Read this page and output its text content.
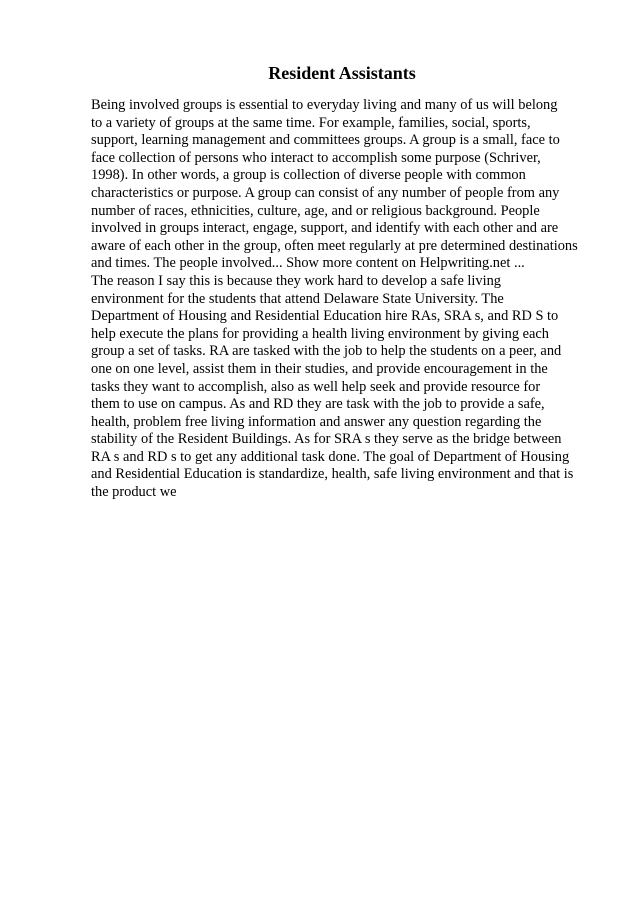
Resident Assistants
Being involved groups is essential to everyday living and many of us will belong
to a variety of groups at the same time. For example, families, social, sports,
support, learning management and committees groups. A group is a small, face to
face collection of persons who interact to accomplish some purpose (Schriver,
1998). In other words, a group is collection of diverse people with common
characteristics or purpose. A group can consist of any number of people from any
number of races, ethnicities, culture, age, and or religious background. People
involved in groups interact, engage, support, and identify with each other and are
aware of each other in the group, often meet regularly at pre determined destinations
and times. The people involved... Show more content on Helpwriting.net ...
The reason I say this is because they work hard to develop a safe living
environment for the students that attend Delaware State University. The
Department of Housing and Residential Education hire RAs, SRA s, and RD S to
help execute the plans for providing a health living environment by giving each
group a set of tasks. RA are tasked with the job to help the students on a peer, and
one on one level, assist them in their studies, and provide encouragement in the
tasks they want to accomplish, also as well help seek and provide resource for
them to use on campus. As and RD they are task with the job to provide a safe,
health, problem free living information and answer any question regarding the
stability of the Resident Buildings. As for SRA s they serve as the bridge between
RA s and RD s to get any additional task done. The goal of Department of Housing
and Residential Education is standardize, health, safe living environment and that is
the product we
